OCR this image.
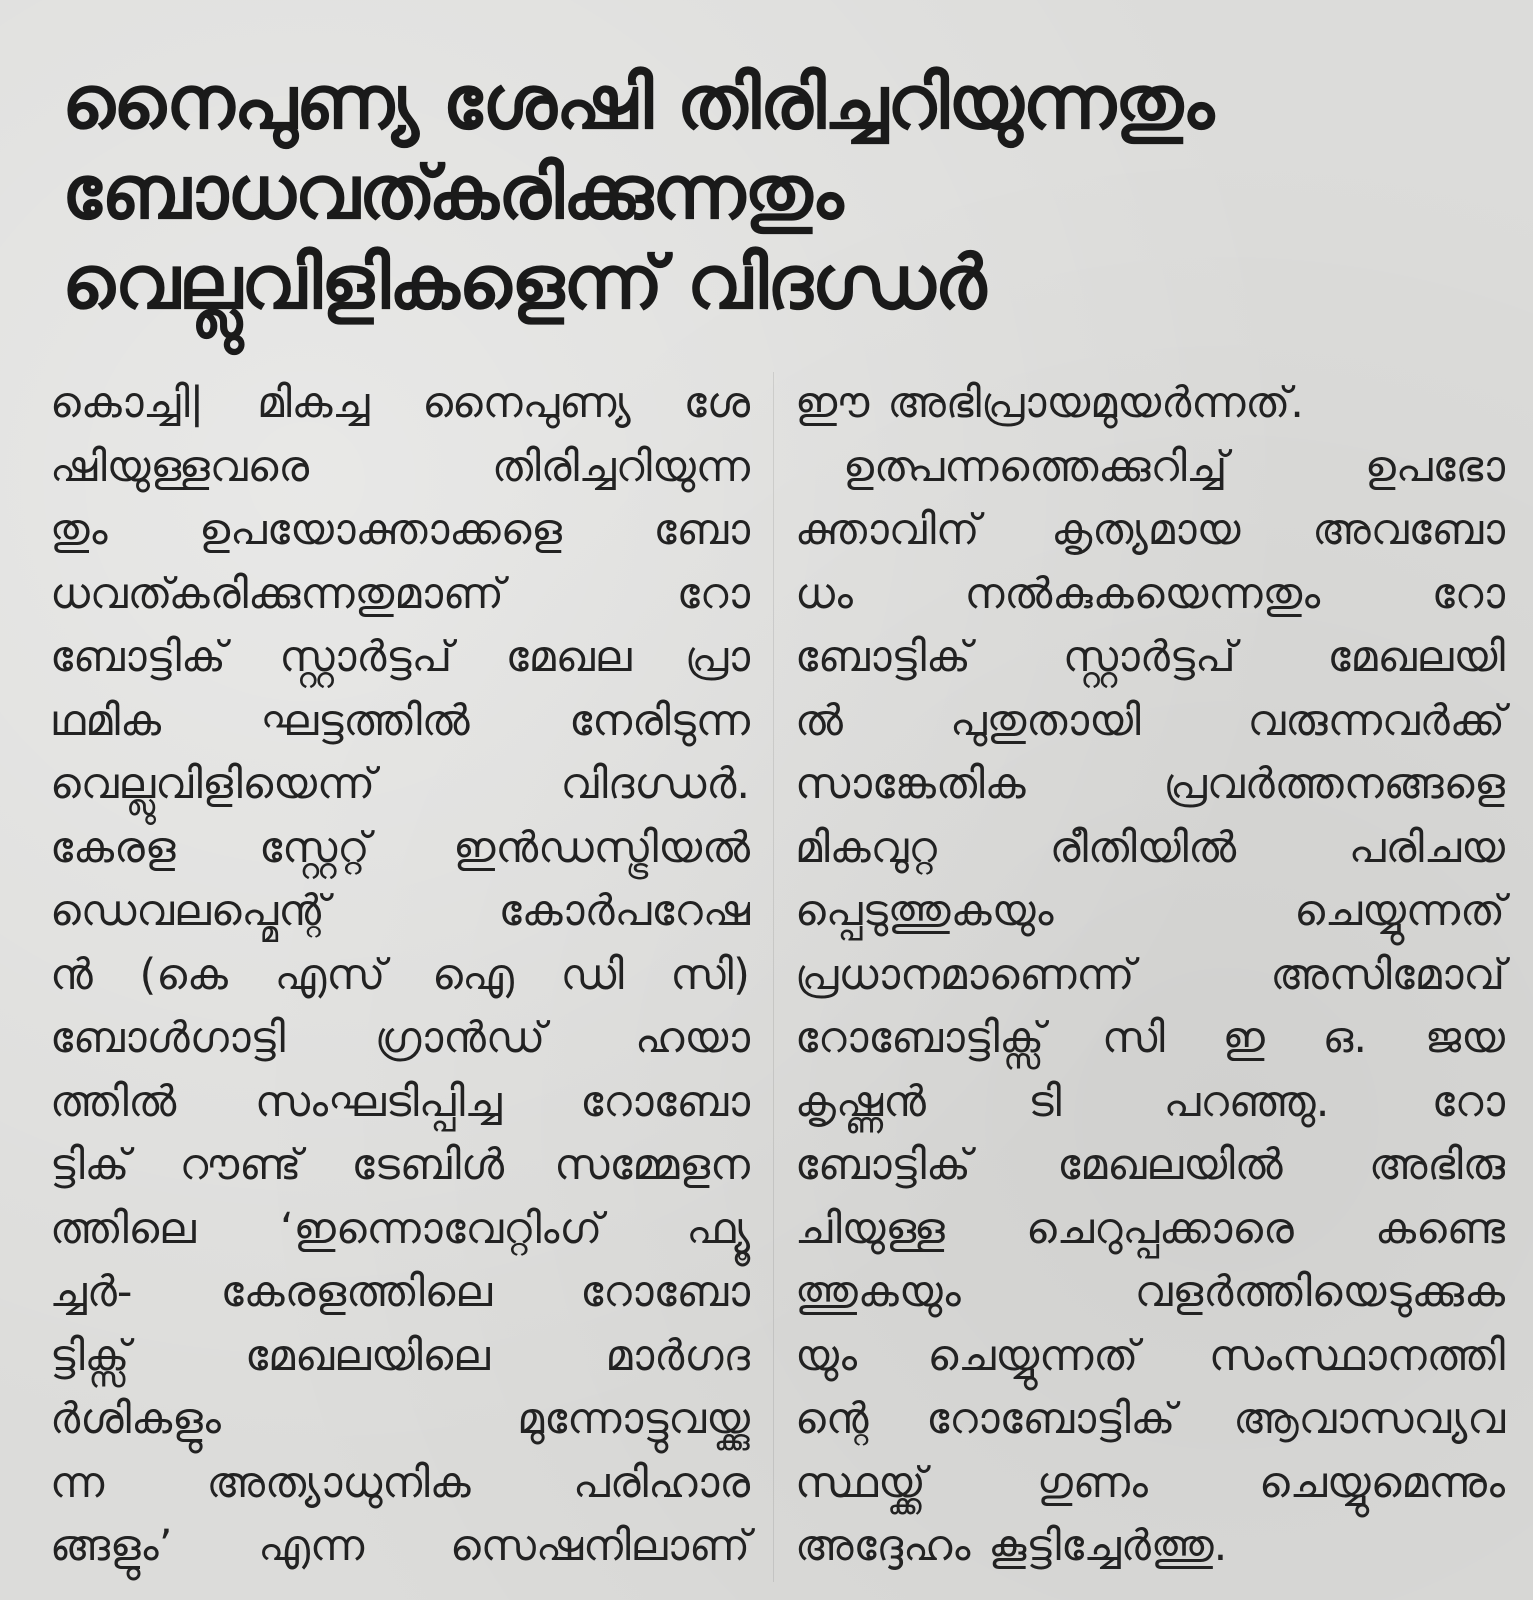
നൈപുണ്യ ശേഷി തിരിച്ചറിയുന്നതും
ബോധവത്കരിക്കുന്നതും
വെല്ലുവിളികളെന്ന് വിദഗ്ധർ
കൊച്ചി| മികച്ച നൈപുണ്യ ശേ
ഷിയുള്ളവരെ	തിരിച്ചറിയുന്ന
തും ഉപയോക്താക്കളെ ബോ
ധവത്കരിക്കുന്നതുമാണ്	റോ
ബോട്ടിക് സ്റ്റാർട്ടപ് മേഖല പ്രാ
ഥമിക ഘട്ടത്തിൽ നേരിടുന്ന
വെല്ലുവിളിയെന്ന്	വിദഗ്ധർ.
കേരള സ്റ്റേറ്റ് ഇൻഡസ്ട്രിയൽ
ഡെവലപ്മെന്റ്	കോർപറേഷ
ൻ (കെ എസ് ഐ ഡി സി)
ബോൾഗാട്ടി ഗ്രാൻഡ് ഹയാ
ത്തിൽ സംഘടിപ്പിച്ച റോബോ
ട്ടിക് റൗണ്ട് ടേബിൾ സമ്മേളന
ത്തിലെ ‘ഇന്നൊവേറ്റിംഗ് ഫ്യൂ
ച്ചർ- കേരളത്തിലെ റോബോ
ട്ടിക്സ്	മേഖലയിലെ	മാർഗദ
ർശികളും	മുന്നോട്ടുവയ്ക്കു
ന്ന അത്യാധുനിക പരിഹാര
ങ്ങളും’ എന്ന സെഷനിലാണ്
ഈ അഭിപ്രായമുയർന്നത്.
ഉത്പന്നത്തെക്കുറിച്ച്	ഉപഭോ
ക്താവിന് കൃത്യമായ അവബോ
ധം	നൽകുകയെന്നതും	റോ
ബോട്ടിക് സ്റ്റാർട്ടപ് മേഖലയി
ൽ പുതുതായി വരുന്നവർക്ക്
സാങ്കേതിക	പ്രവർത്തനങ്ങളെ
മികവുറ്റ	രീതിയിൽ	പരിചയ
പ്പെടുത്തുകയും	ചെയ്യുന്നത്
പ്രധാനമാണെന്ന്	അസിമോവ്
റോബോട്ടിക്സ് സി ഇ ഒ. ജയ
കൃഷ്ണൻ ടി പറഞ്ഞു. റോ
ബോട്ടിക് മേഖലയിൽ അഭിരു
ചിയുള്ള ചെറുപ്പക്കാരെ കണ്ടെ
ത്തുകയും	വളർത്തിയെടുക്കുക
യും ചെയ്യുന്നത് സംസ്ഥാനത്തി
ന്റെ റോബോട്ടിക് ആവാസവ്യവ
സ്ഥയ്ക്ക്	ഗുണം	ചെയ്യുമെന്നും
അദ്ദേഹം കൂട്ടിച്ചേർത്തു.
